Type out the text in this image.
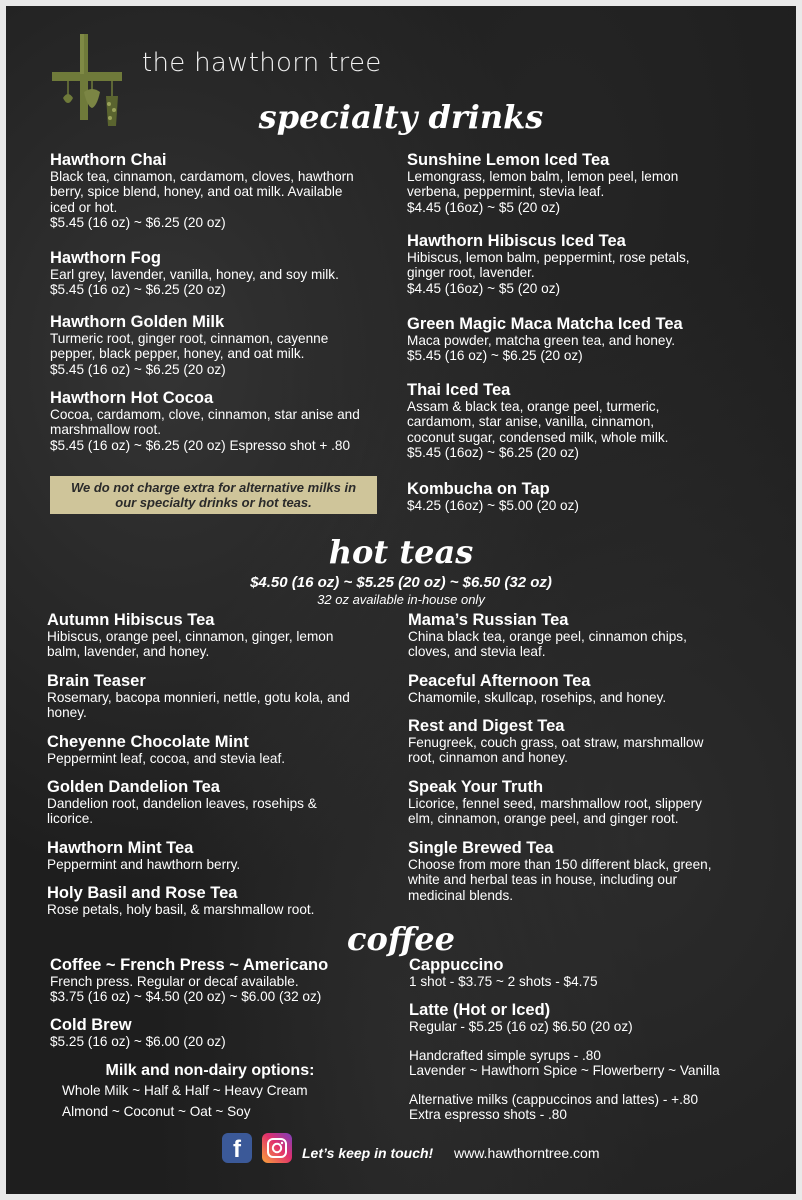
the hawthorn tree
specialty drinks
Hawthorn Chai
Black tea, cinnamon, cardamom, cloves, hawthorn
berry, spice blend, honey, and oat milk. Available
iced or hot.
$5.45 (16 oz) ~ $6.25 (20 oz)
Hawthorn Fog
Earl grey, lavender, vanilla, honey, and soy milk.
$5.45 (16 oz) ~ $6.25 (20 oz)
Hawthorn Golden Milk
Turmeric root, ginger root, cinnamon, cayenne
pepper, black pepper, honey, and oat milk.
$5.45 (16 oz) ~ $6.25 (20 oz)
Hawthorn Hot Cocoa
Cocoa, cardamom, clove, cinnamon, star anise and
marshmallow root.
$5.45 (16 oz) ~ $6.25 (20 oz) Espresso shot + .80
Sunshine Lemon Iced Tea
Lemongrass, lemon balm, lemon peel, lemon
verbena, peppermint, stevia leaf.
$4.45 (16oz) ~ $5 (20 oz)
Hawthorn Hibiscus Iced Tea
Hibiscus, lemon balm, peppermint, rose petals,
ginger root, lavender.
$4.45 (16oz) ~ $5 (20 oz)
Green Magic Maca Matcha Iced Tea
Maca powder, matcha green tea, and honey.
$5.45 (16 oz) ~ $6.25 (20 oz)
Thai Iced Tea
Assam & black tea, orange peel, turmeric,
cardamom, star anise, vanilla, cinnamon,
coconut sugar, condensed milk, whole milk.
$5.45 (16oz) ~ $6.25 (20 oz)
Kombucha on Tap
$4.25 (16oz) ~ $5.00 (20 oz)
We do not charge extra for alternative milks in
our specialty drinks or hot teas.
hot teas
$4.50 (16 oz) ~ $5.25 (20 oz) ~ $6.50 (32 oz)
32 oz available in-house only
Autumn Hibiscus Tea
Hibiscus, orange peel, cinnamon, ginger, lemon
balm, lavender, and honey.
Brain Teaser
Rosemary, bacopa monnieri, nettle, gotu kola, and
honey.
Cheyenne Chocolate Mint
Peppermint leaf, cocoa, and stevia leaf.
Golden Dandelion Tea
Dandelion root, dandelion leaves, rosehips &
licorice.
Hawthorn Mint Tea
Peppermint and hawthorn berry.
Holy Basil and Rose Tea
Rose petals, holy basil, & marshmallow root.
Mama’s Russian Tea
China black tea, orange peel, cinnamon chips,
cloves, and stevia leaf.
Peaceful Afternoon Tea
Chamomile, skullcap, rosehips, and honey.
Rest and Digest Tea
Fenugreek, couch grass, oat straw, marshmallow
root, cinnamon and honey.
Speak Your Truth
Licorice, fennel seed, marshmallow root, slippery
elm, cinnamon, orange peel, and ginger root.
Single Brewed Tea
Choose from more than 150 different black, green,
white and herbal teas in house, including our
medicinal blends.
coffee
Coffee ~ French Press ~ Americano
French press. Regular or decaf available.
$3.75 (16 oz) ~ $4.50 (20 oz) ~ $6.00 (32 oz)
Cold Brew
$5.25 (16 oz) ~ $6.00 (20 oz)
Cappuccino
1 shot - $3.75 ~ 2 shots - $4.75
Latte (Hot or Iced)
Regular - $5.25 (16 oz) $6.50 (20 oz)
Milk and non-dairy options:
Whole Milk ~ Half & Half ~ Heavy Cream
Almond ~ Coconut ~ Oat ~ Soy
Handcrafted simple syrups - .80
Lavender ~ Hawthorn Spice ~ Flowerberry ~ Vanilla
Alternative milks (cappuccinos and lattes) - +.80
Extra espresso shots - .80
f	Let’s keep in touch! www.hawthorntree.com
